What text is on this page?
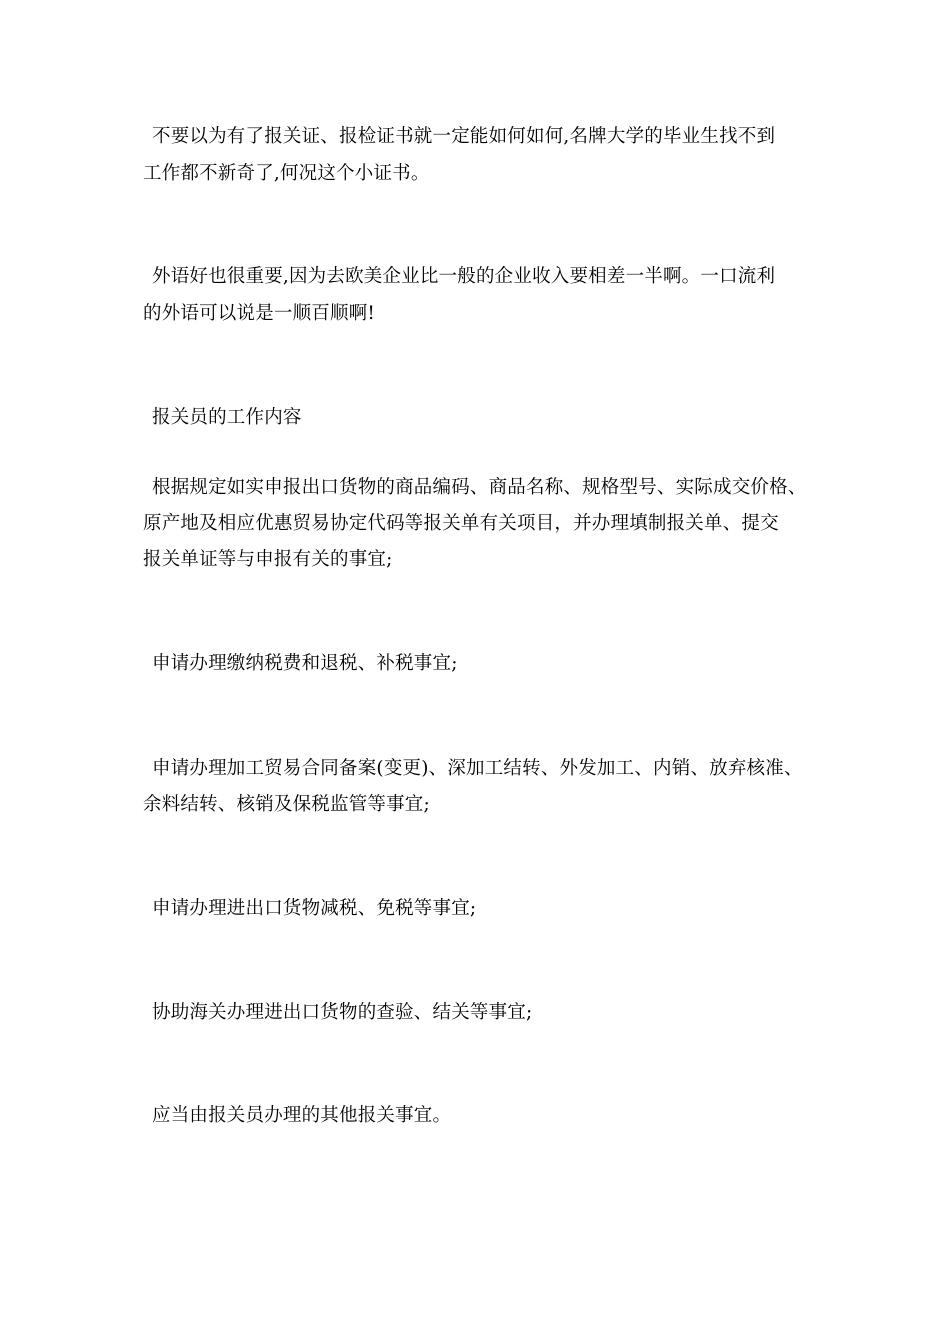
不要以为有了报关证、报检证书就一定能如何如何,名牌大学的毕业生找不到
工作都不新奇了,何况这个小证书。
外语好也很重要,因为去欧美企业比一般的企业收入要相差一半啊。一口流利
的外语可以说是一顺百顺啊!
报关员的工作内容
根据规定如实申报出口货物的商品编码、商品名称、规格型号、实际成交价格、
原产地及相应优惠贸易协定代码等报关单有关项目，并办理填制报关单、提交
报关单证等与申报有关的事宜;
申请办理缴纳税费和退税、补税事宜;
申请办理加工贸易合同备案(变更)、深加工结转、外发加工、内销、放弃核准、
余料结转、核销及保税监管等事宜;
申请办理进出口货物减税、免税等事宜;
协助海关办理进出口货物的查验、结关等事宜;
应当由报关员办理的其他报关事宜。
